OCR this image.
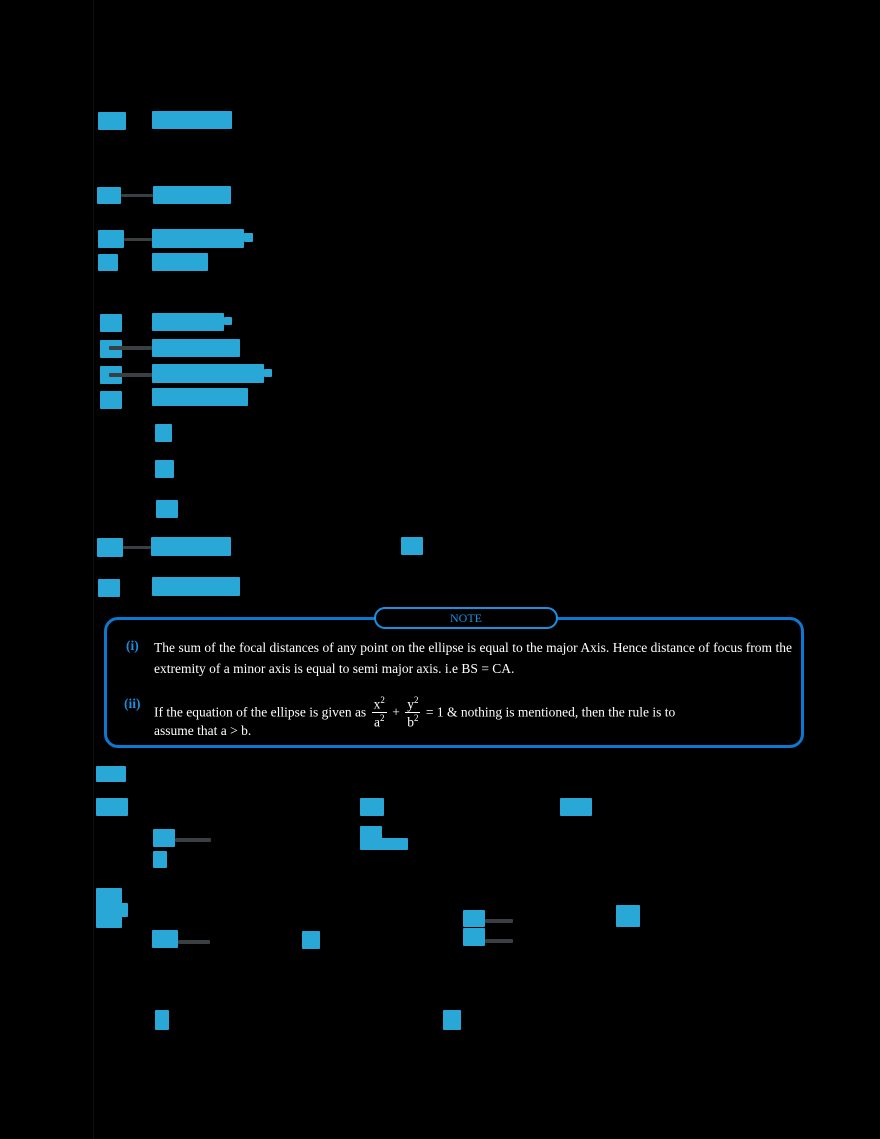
NOTE
(i) The sum of the focal distances of any point on the ellipse is equal to the major Axis. Hence distance of focus from the extremity of a minor axis is equal to semi major axis. i.e BS = CA.
(ii)
If the equation of the ellipse is given as $\frac{x^2}{a^2} + \frac{y^2}{b^2} = 1$ & nothing is mentioned, then the rule is to
assume that a > b.
